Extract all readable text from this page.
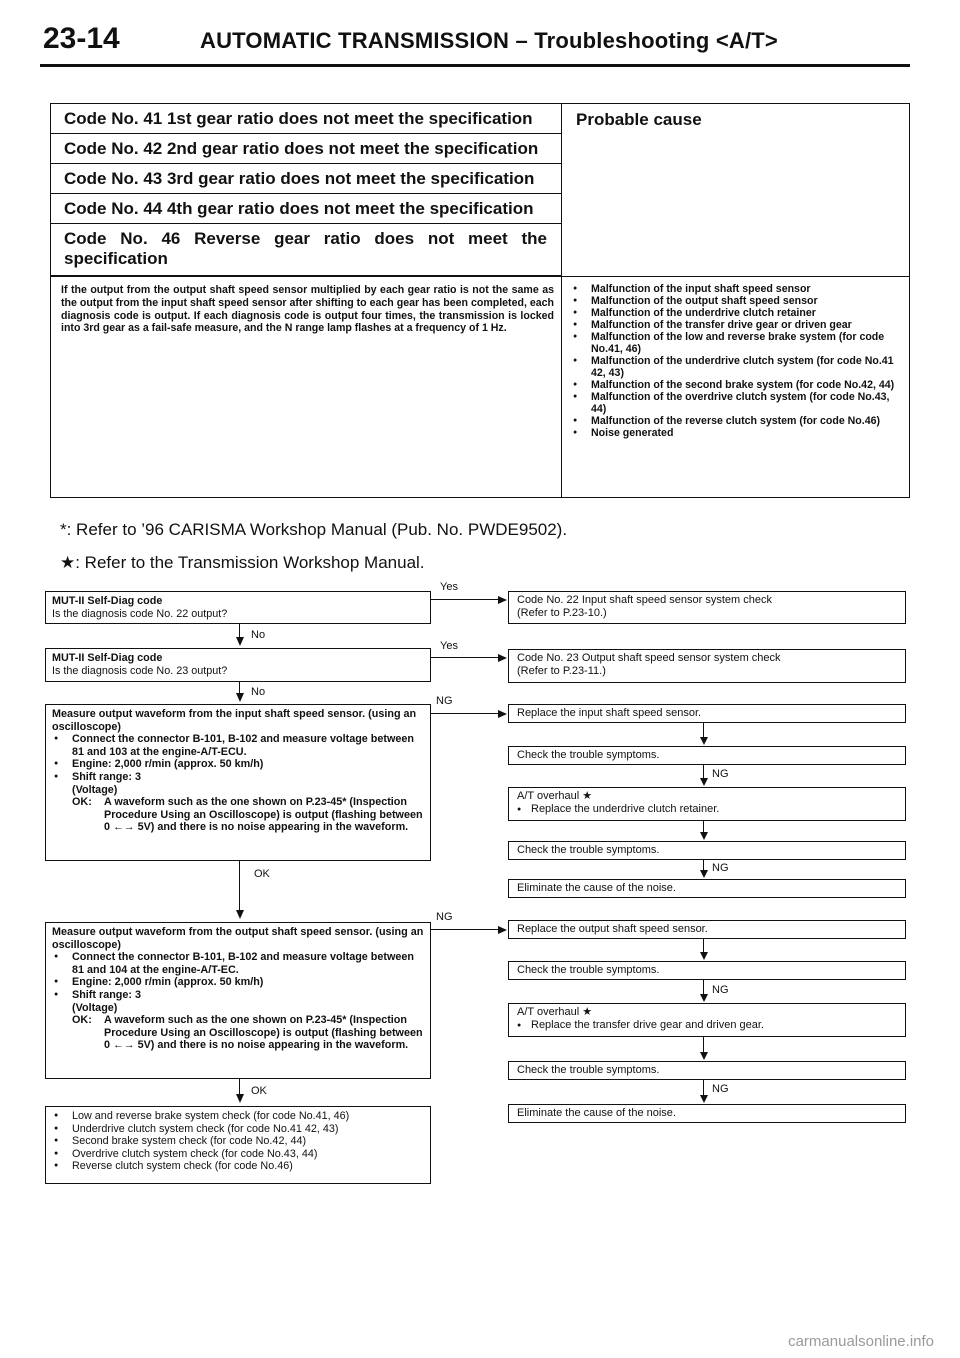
23-14	AUTOMATIC TRANSMISSION – Troubleshooting <A/T>
Code No. 41 1st gear ratio does not meet the specification
Code No. 42 2nd gear ratio does not meet the specification
Code No. 43 3rd gear ratio does not meet the specification
Code No. 44 4th gear ratio does not meet the specification
Code No. 46 Reverse gear ratio does not meet the specification
Probable cause
If the output from the output shaft speed sensor multiplied by each gear ratio is not the same as the output from the input shaft speed sensor after shifting to each gear has been completed, each diagnosis code is output. If each diagnosis code is output four times, the transmission is locked into 3rd gear as a fail-safe measure, and the N range lamp flashes at a frequency of 1 Hz.
● Malfunction of the input shaft speed sensor
● Malfunction of the output shaft speed sensor
● Malfunction of the underdrive clutch retainer
● Malfunction of the transfer drive gear or driven gear
● Malfunction of the low and reverse brake system (for code No.41, 46)
● Malfunction of the underdrive clutch system (for code No.41 42, 43)
● Malfunction of the second brake system (for code No.42, 44)
● Malfunction of the overdrive clutch system (for code No.43, 44)
● Malfunction of the reverse clutch system (for code No.46)
● Noise generated
*: Refer to ’96 CARISMA Workshop Manual (Pub. No. PWDE9502).
★: Refer to the Transmission Workshop Manual.
MUT-II Self-Diag code
Is the diagnosis code No. 22 output?
MUT-II Self-Diag code
Is the diagnosis code No. 23 output?
Measure output waveform from the input shaft speed sensor. (using an oscilloscope)
● Connect the connector B-101, B-102 and measure voltage between 81 and 103 at the engine-A/T-ECU.
● Engine: 2,000 r/min (approx. 50 km/h)
● Shift range: 3
(Voltage)
OK: A waveform such as the one shown on P.23-45* (Inspection Procedure Using an Oscilloscope) is output (flashing between 0 ←→ 5V) and there is no noise appearing in the waveform.
Measure output waveform from the output shaft speed sensor. (using an oscilloscope)
● Connect the connector B-101, B-102 and measure voltage between 81 and 104 at the engine-A/T-EC.
● Engine: 2,000 r/min (approx. 50 km/h)
● Shift range: 3
(Voltage)
OK: A waveform such as the one shown on P.23-45* (Inspection Procedure Using an Oscilloscope) is output (flashing between 0 ←→ 5V) and there is no noise appearing in the waveform.
● Low and reverse brake system check (for code No.41, 46)
● Underdrive clutch system check (for code No.41 42, 43)
● Second brake system check (for code No.42, 44)
● Overdrive clutch system check (for code No.43, 44)
● Reverse clutch system check (for code No.46)
No
No
OK
OK
Yes
Yes
NG
NG
Code No. 22 Input shaft speed sensor system check
(Refer to P.23-10.)
Code No. 23 Output shaft speed sensor system check
(Refer to P.23-11.)
Replace the input shaft speed sensor.
Check the trouble symptoms.
A/T overhaul ★
● Replace the underdrive clutch retainer.
Check the trouble symptoms.
Eliminate the cause of the noise.
Replace the output shaft speed sensor.
Check the trouble symptoms.
A/T overhaul ★
● Replace the transfer drive gear and driven gear.
Check the trouble symptoms.
Eliminate the cause of the noise.
NG
NG
NG
NG
carmanualsonline.info
